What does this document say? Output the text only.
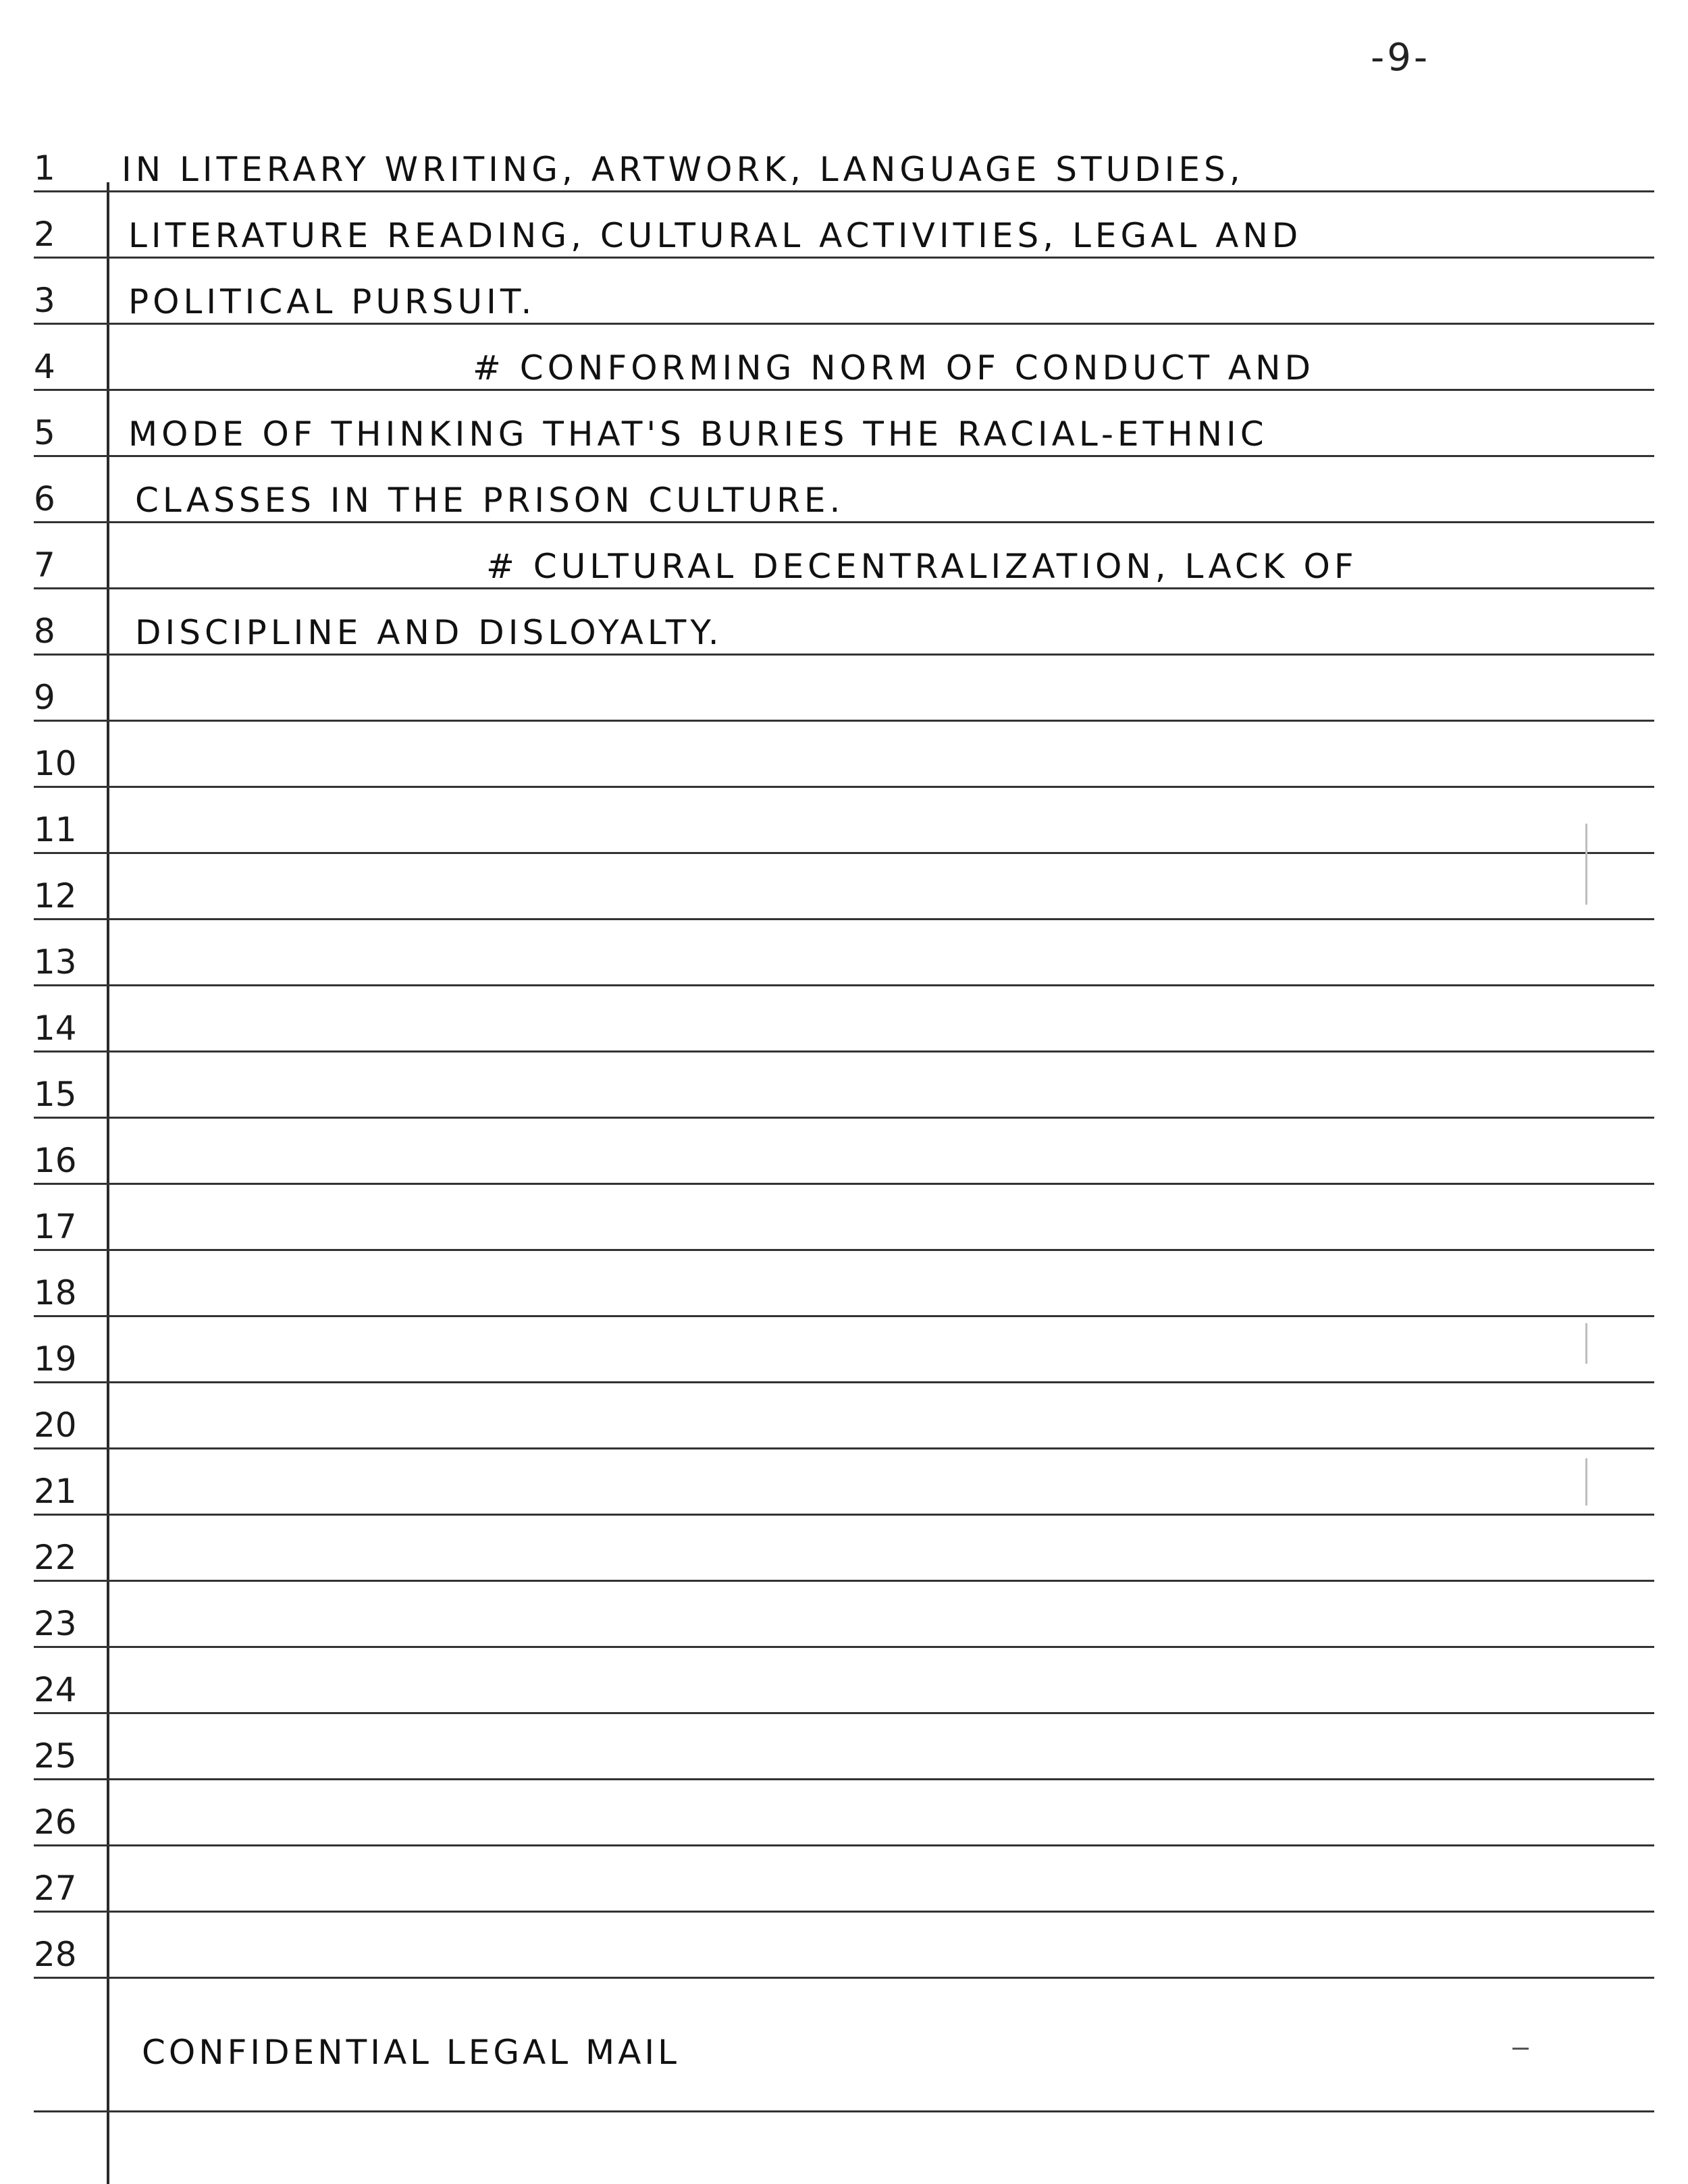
-9-
1
2
3
4
5
6
7
8
9
10
11
12
13
14
15
16
17
18
19
20
21
22
23
24
25
26
27
28
IN LITERARY WRITING, ARTWORK, LANGUAGE STUDIES,
LITERATURE READING, CULTURAL ACTIVITIES, LEGAL AND
POLITICAL PURSUIT.
# CONFORMING NORM OF CONDUCT AND
MODE OF THINKING THAT'S BURIES THE RACIAL-ETHNIC
CLASSES IN THE PRISON CULTURE.
# CULTURAL DECENTRALIZATION, LACK OF
DISCIPLINE AND DISLOYALTY.
CONFIDENTIAL LEGAL MAIL
